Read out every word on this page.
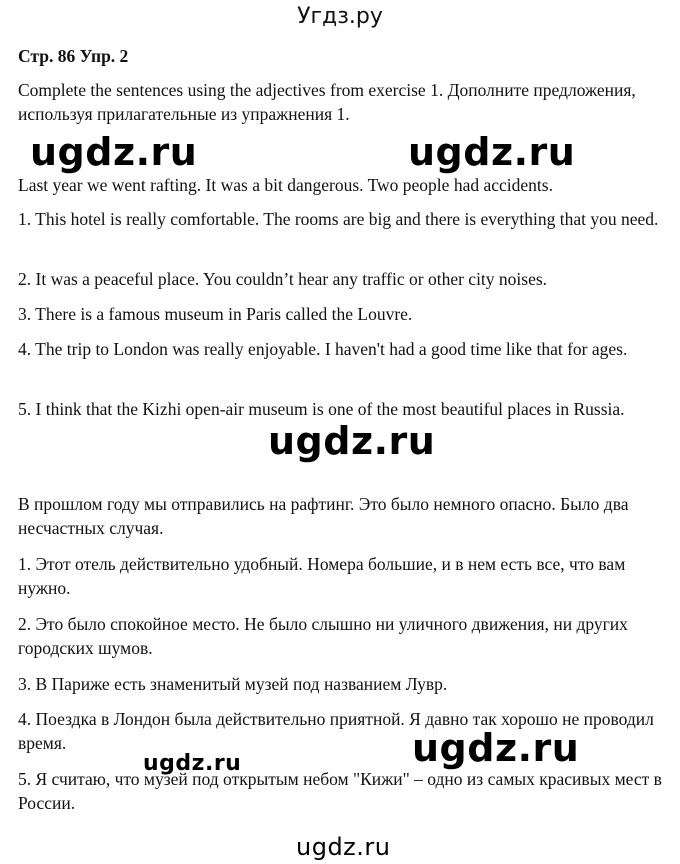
Угдз.ру

Стр. 86 Упр. 2

Complete the sentences using the adjectives from exercise 1. Дополните предложения, используя прилагательные из упражнения 1.

Last year we went rafting. It was a bit dangerous. Two people had accidents.

1. This hotel is really comfortable. The rooms are big and there is everything that you need.

2. It was a peaceful place. You couldn’t hear any traffic or other city noises.

3. There is a famous museum in Paris called the Louvre.

4. The trip to London was really enjoyable. I haven't had a good time like that for ages.

5. I think that the Kizhi open-air museum is one of the most beautiful places in Russia.

В прошлом году мы отправились на рафтинг. Это было немного опасно. Было два несчастных случая.

1. Этот отель действительно удобный. Номера большие, и в нем есть все, что вам нужно.

2. Это было спокойное место. Не было слышно ни уличного движения, ни других городских шумов.

3. В Париже есть знаменитый музей под названием Лувр.

4. Поездка в Лондон была действительно приятной. Я давно так хорошо не проводил время.

5. Я считаю, что музей под открытым небом "Кижи" – одно из самых красивых мест в России.

ugdz.ru	ugdz.ru
ugdz.ru
ugdz.ru	ugdz.ru
ugdz.ru
